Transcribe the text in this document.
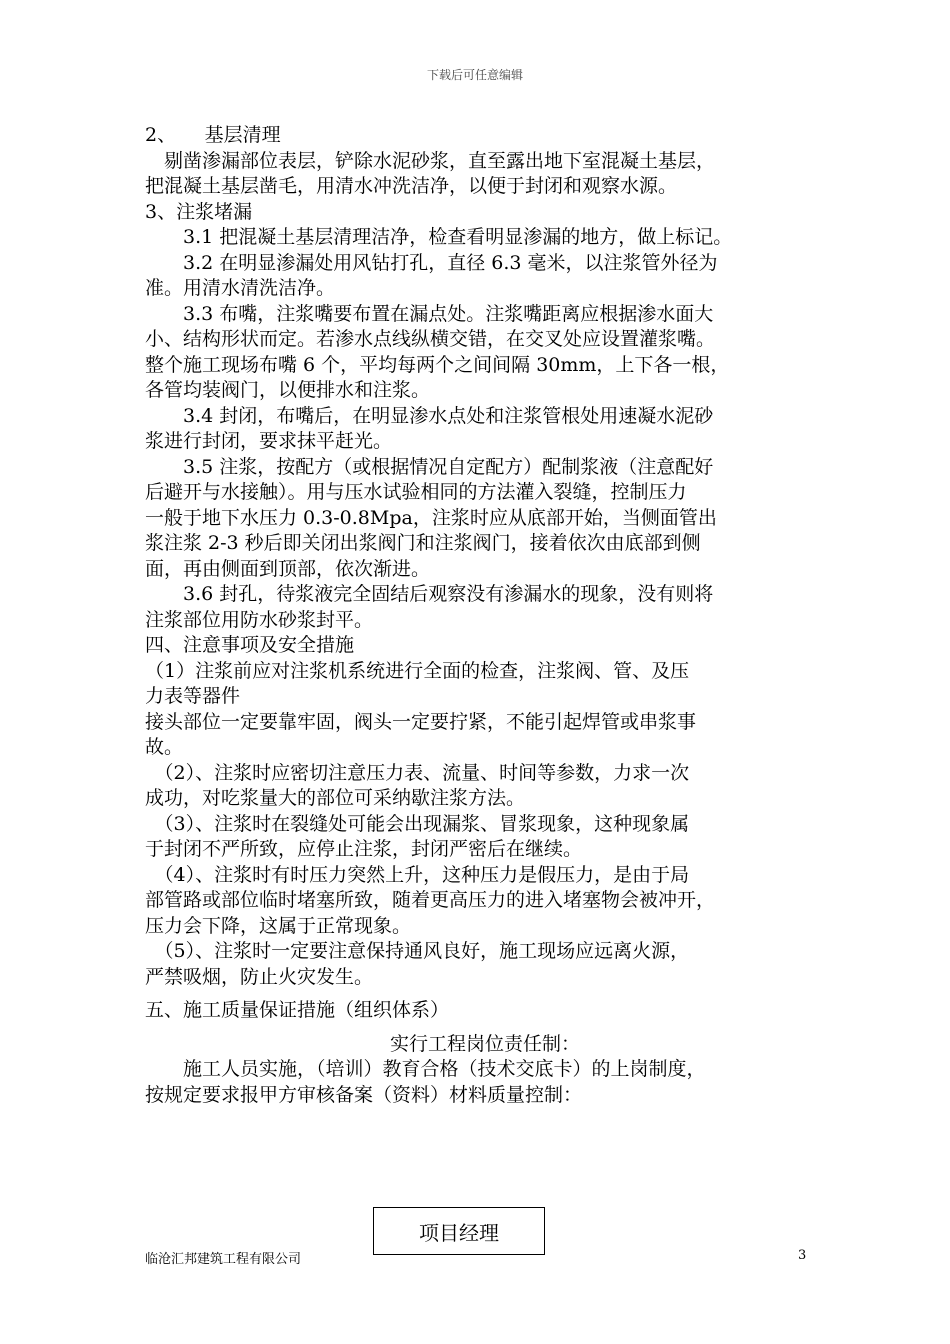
下载后可任意编辑
2、　　基层清理
　剔凿渗漏部位表层，铲除水泥砂浆，直至露出地下室混凝土基层，
把混凝土基层凿毛，用清水冲洗洁净，以便于封闭和观察水源。
3、注浆堵漏
　　3.1 把混凝土基层清理洁净，检查看明显渗漏的地方，做上标记。
　　3.2 在明显渗漏处用风钻打孔，直径 6.3 毫米，以注浆管外径为
准。用清水清洗洁净。
　　3.3 布嘴，注浆嘴要布置在漏点处。注浆嘴距离应根据渗水面大
小、结构形状而定。若渗水点线纵横交错，在交叉处应设置灌浆嘴。
整个施工现场布嘴 6 个，平均每两个之间间隔 30mm，上下各一根，
各管均装阀门，以便排水和注浆。
　　3.4 封闭，布嘴后，在明显渗水点处和注浆管根处用速凝水泥砂
浆进行封闭，要求抹平赶光。
　　3.5 注浆，按配方（或根据情况自定配方）配制浆液（注意配好
后避开与水接触）。用与压水试验相同的方法灌入裂缝，控制压力
一般于地下水压力 0.3-0.8Mpa，注浆时应从底部开始，当侧面管出
浆注浆 2-3 秒后即关闭出浆阀门和注浆阀门，接着依次由底部到侧
面，再由侧面到顶部，依次渐进。
　　3.6 封孔，待浆液完全固结后观察没有渗漏水的现象，没有则将
注浆部位用防水砂浆封平。
四、注意事项及安全措施
（1）注浆前应对注浆机系统进行全面的检查，注浆阀、管、及压
力表等器件
接头部位一定要靠牢固，阀头一定要拧紧，不能引起焊管或串浆事
故。
　（2）、注浆时应密切注意压力表、流量、时间等参数，力求一次
成功，对吃浆量大的部位可采纳歇注浆方法。
　（3）、注浆时在裂缝处可能会出现漏浆、冒浆现象，这种现象属
于封闭不严所致，应停止注浆，封闭严密后在继续。
　（4）、注浆时有时压力突然上升，这种压力是假压力，是由于局
部管路或部位临时堵塞所致，随着更高压力的进入堵塞物会被冲开，
压力会下降，这属于正常现象。
　（5）、注浆时一定要注意保持通风良好，施工现场应远离火源，
严禁吸烟，防止火灾发生。
五、施工质量保证措施（组织体系）
实行工程岗位责任制：
　　施工人员实施，（培训）教育合格（技术交底卡）的上岗制度，
按规定要求报甲方审核备案（资料）材料质量控制：
项目经理
临沧汇邦建筑工程有限公司	3
